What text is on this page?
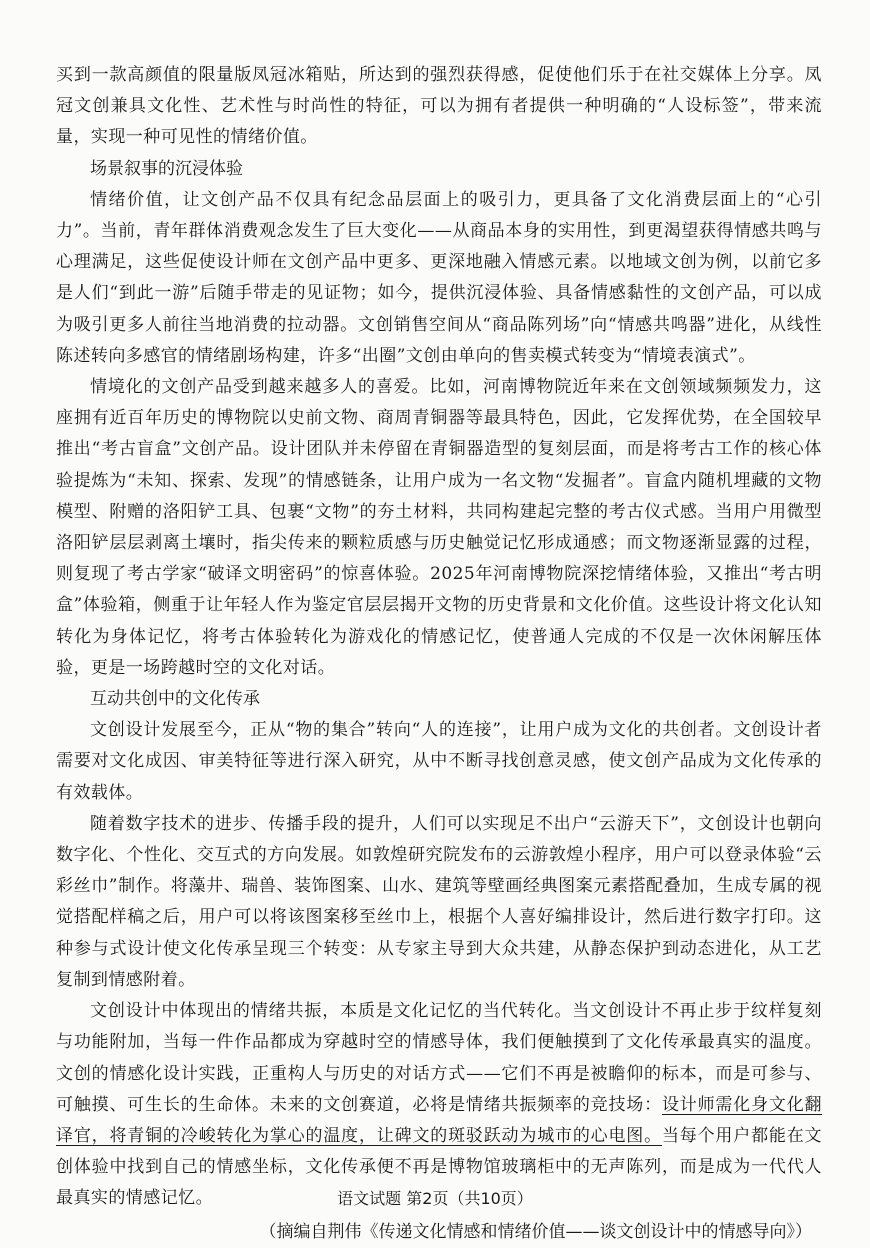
买到一款高颜值的限量版凤冠冰箱贴，所达到的强烈获得感，促使他们乐于在社交媒体上分享。凤冠文创兼具文化性、艺术性与时尚性的特征，可以为拥有者提供一种明确的“人设标签”，带来流量，实现一种可见性的情绪价值。

场景叙事的沉浸体验

情绪价值，让文创产品不仅具有纪念品层面上的吸引力，更具备了文化消费层面上的“心引力”。当前，青年群体消费观念发生了巨大变化——从商品本身的实用性，到更渴望获得情感共鸣与心理满足，这些促使设计师在文创产品中更多、更深地融入情感元素。以地域文创为例，以前它多是人们“到此一游”后随手带走的见证物；如今，提供沉浸体验、具备情感黏性的文创产品，可以成为吸引更多人前往当地消费的拉动器。文创销售空间从“商品陈列场”向“情感共鸣器”进化，从线性陈述转向多感官的情绪剧场构建，许多“出圈”文创由单向的售卖模式转变为“情境表演式”。

情境化的文创产品受到越来越多人的喜爱。比如，河南博物院近年来在文创领域频频发力，这座拥有近百年历史的博物院以史前文物、商周青铜器等最具特色，因此，它发挥优势，在全国较早推出“考古盲盒”文创产品。设计团队并未停留在青铜器造型的复刻层面，而是将考古工作的核心体验提炼为“未知、探索、发现”的情感链条，让用户成为一名文物“发掘者”。盲盒内随机埋藏的文物模型、附赠的洛阳铲工具、包裹“文物”的夯土材料，共同构建起完整的考古仪式感。当用户用微型洛阳铲层层剥离土壤时，指尖传来的颗粒质感与历史触觉记忆形成通感；而文物逐渐显露的过程，则复现了考古学家“破译文明密码”的惊喜体验。2025年河南博物院深挖情绪体验，又推出“考古明盒”体验箱，侧重于让年轻人作为鉴定官层层揭开文物的历史背景和文化价值。这些设计将文化认知转化为身体记忆，将考古体验转化为游戏化的情感记忆，使普通人完成的不仅是一次休闲解压体验，更是一场跨越时空的文化对话。

互动共创中的文化传承

文创设计发展至今，正从“物的集合”转向“人的连接”，让用户成为文化的共创者。文创设计者需要对文化成因、审美特征等进行深入研究，从中不断寻找创意灵感，使文创产品成为文化传承的有效载体。

随着数字技术的进步、传播手段的提升，人们可以实现足不出户“云游天下”，文创设计也朝向数字化、个性化、交互式的方向发展。如敦煌研究院发布的云游敦煌小程序，用户可以登录体验“云彩丝巾”制作。将藻井、瑞兽、装饰图案、山水、建筑等壁画经典图案元素搭配叠加，生成专属的视觉搭配样稿之后，用户可以将该图案移至丝巾上，根据个人喜好编排设计，然后进行数字打印。这种参与式设计使文化传承呈现三个转变：从专家主导到大众共建，从静态保护到动态进化，从工艺复制到情感附着。

文创设计中体现出的情绪共振，本质是文化记忆的当代转化。当文创设计不再止步于纹样复刻与功能附加，当每一件作品都成为穿越时空的情感导体，我们便触摸到了文化传承最真实的温度。文创的情感化设计实践，正重构人与历史的对话方式——它们不再是被瞻仰的标本，而是可参与、可触摸、可生长的生命体。未来的文创赛道，必将是情绪共振频率的竞技场：设计师需化身文化翻译官，将青铜的冷峻转化为掌心的温度，让碑文的斑驳跃动为城市的心电图。当每个用户都能在文创体验中找到自己的情感坐标，文化传承便不再是博物馆玻璃柜中的无声陈列，而是成为一代代人最真实的情感记忆。

（摘编自荆伟《传递文化情感和情绪价值——谈文创设计中的情感导向》）

语文试题 第2页（共10页）
